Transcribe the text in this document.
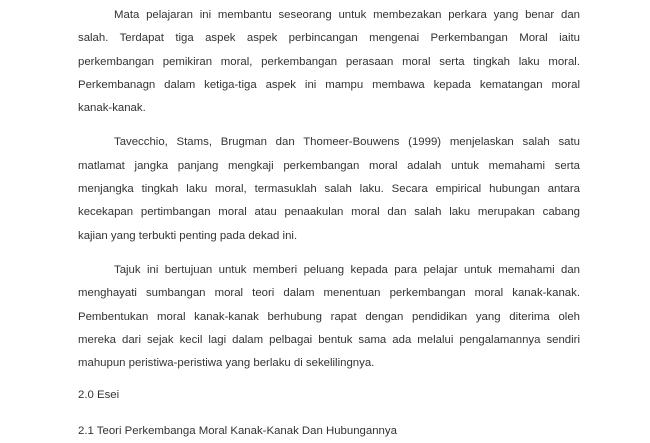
Mata pelajaran ini membantu seseorang untuk membezakan perkara yang benar dan
salah. Terdapat tiga aspek aspek perbincangan mengenai Perkembangan Moral iaitu
perkembangan pemikiran moral, perkembangan perasaan moral serta tingkah laku moral.
Perkembanagn dalam ketiga-tiga aspek ini mampu membawa kepada kematangan moral
kanak-kanak.
Tavecchio, Stams, Brugman dan Thomeer-Bouwens (1999) menjelaskan salah satu
matlamat jangka panjang mengkaji perkembangan moral adalah untuk memahami serta
menjangka tingkah laku moral, termasuklah salah laku. Secara empirical hubungan antara
kecekapan pertimbangan moral atau penaakulan moral dan salah laku merupakan cabang
kajian yang terbukti penting pada dekad ini.
Tajuk ini bertujuan untuk memberi peluang kepada para pelajar untuk memahami dan
menghayati sumbangan moral teori dalam menentuan perkembangan moral kanak-kanak.
Pembentukan moral kanak-kanak berhubung rapat dengan pendidikan yang diterima oleh
mereka dari sejak kecil lagi dalam pelbagai bentuk sama ada melalui pengalamannya sendiri
mahupun peristiwa-peristiwa yang berlaku di sekelilingnya.

2.0 Esei

2.1 Teori Perkembanga Moral Kanak-Kanak Dan Hubungannya
